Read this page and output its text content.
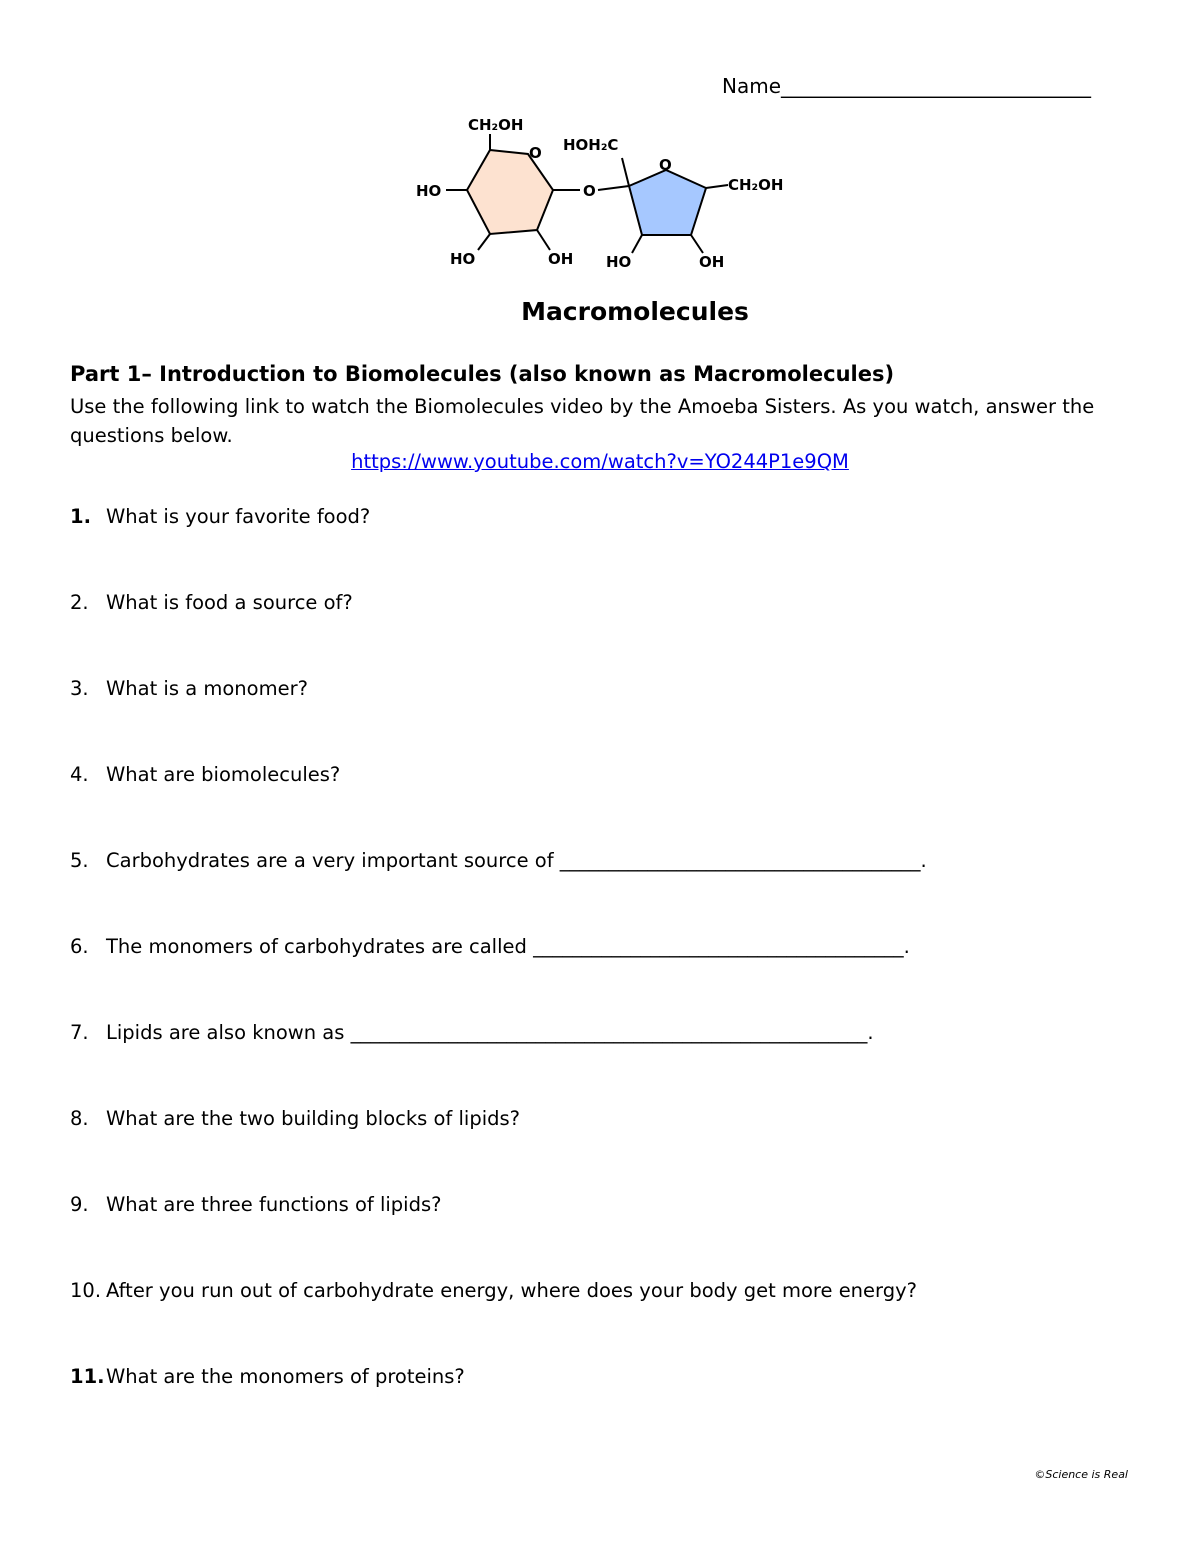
Name_______________________________
CH₂OH
O HOH₂C
O
HO	O	CH₂OH
HO	OH HO	OH
Macromolecules
Part 1– Introduction to Biomolecules (also known as Macromolecules)
Use the following link to watch the Biomolecules video by the Amoeba Sisters. As you watch, answer the questions below.
https://www.youtube.com/watch?v=YO244P1e9QM
1. What is your favorite food?
2. What is food a source of?
3. What is a monomer?
4. What are biomolecules?
5. Carbohydrates are a very important source of _____________________________________.
6. The monomers of carbohydrates are called ______________________________________.
7. Lipids are also known as _____________________________________________________.
8. What are the two building blocks of lipids?
9. What are three functions of lipids?
10. After you run out of carbohydrate energy, where does your body get more energy?
11.What are the monomers of proteins?
©Science is Real
